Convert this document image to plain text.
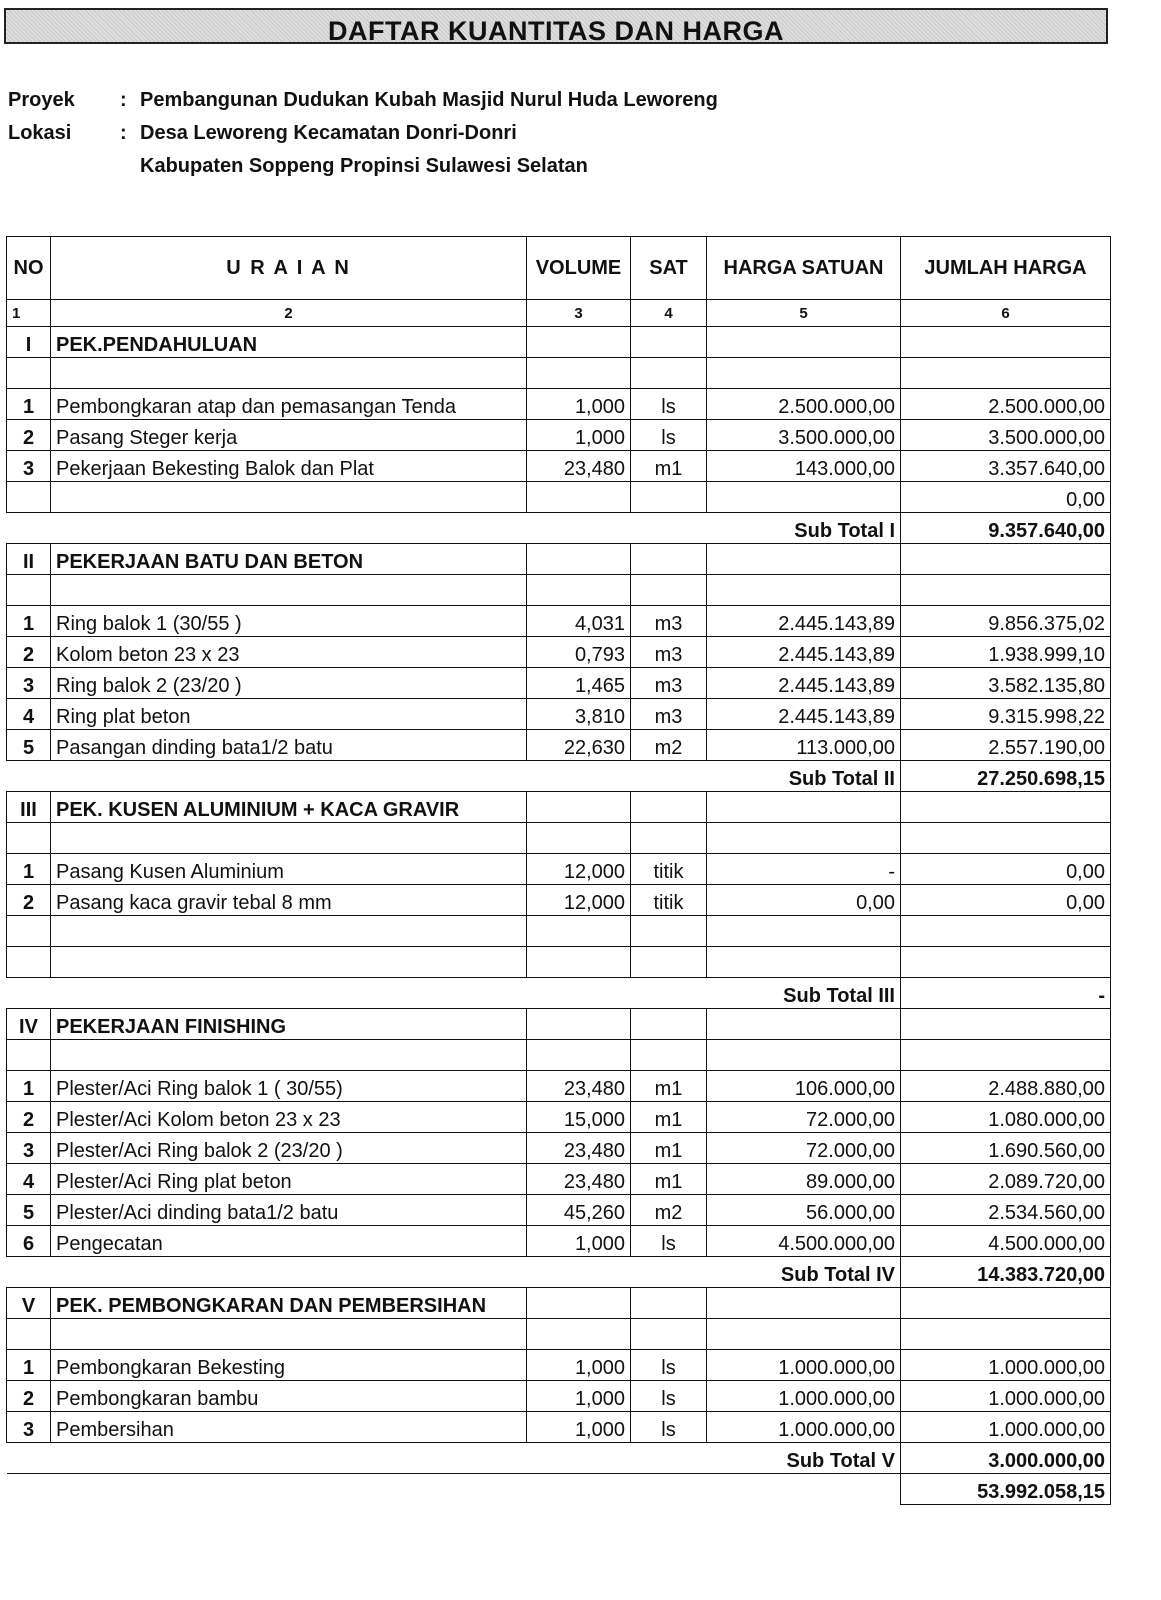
DAFTAR KUANTITAS DAN HARGA
Proyek	: Pembangunan Dudukan Kubah Masjid Nurul Huda Leworeng
Lokasi	: Desa Leworeng Kecamatan Donri-Donri
Kabupaten Soppeng Propinsi Sulawesi Selatan
NO	U R A I A N	VOLUME	SAT	HARGA SATUAN	JUMLAH HARGA
1	2	3	4	5	6
I	PEK.PENDAHULUAN				

1	Pembongkaran atap dan pemasangan Tenda	1,000	ls	2.500.000,00	2.500.000,00
2	Pasang Steger kerja	1,000	ls	3.500.000,00	3.500.000,00
3	Pekerjaan Bekesting Balok dan Plat	23,480	m1	143.000,00	3.357.640,00
					0,00
Sub Total I					9.357.640,00
II	PEKERJAAN BATU DAN BETON				

1	Ring balok 1 (30/55 )	4,031	m3	2.445.143,89	9.856.375,02
2	Kolom beton 23 x 23	0,793	m3	2.445.143,89	1.938.999,10
3	Ring balok 2 (23/20 )	1,465	m3	2.445.143,89	3.582.135,80
4	Ring plat beton	3,810	m3	2.445.143,89	9.315.998,22
5	Pasangan dinding bata1/2 batu	22,630	m2	113.000,00	2.557.190,00
Sub Total II					27.250.698,15
III	PEK. KUSEN ALUMINIUM + KACA GRAVIR				

1	Pasang Kusen Aluminium	12,000	titik	-	0,00
2	Pasang kaca gravir tebal 8 mm	12,000	titik	0,00	0,00

Sub Total III					-
IV	PEKERJAAN FINISHING				

1	Plester/Aci Ring balok 1 ( 30/55)	23,480	m1	106.000,00	2.488.880,00
2	Plester/Aci Kolom beton 23 x 23	15,000	m1	72.000,00	1.080.000,00
3	Plester/Aci Ring balok 2 (23/20 )	23,480	m1	72.000,00	1.690.560,00
4	Plester/Aci Ring plat beton	23,480	m1	89.000,00	2.089.720,00
5	Plester/Aci dinding bata1/2 batu	45,260	m2	56.000,00	2.534.560,00
6	Pengecatan	1,000	ls	4.500.000,00	4.500.000,00
Sub Total IV					14.383.720,00
V	PEK. PEMBONGKARAN DAN PEMBERSIHAN				

1	Pembongkaran Bekesting	1,000	ls	1.000.000,00	1.000.000,00
2	Pembongkaran bambu	1,000	ls	1.000.000,00	1.000.000,00
3	Pembersihan	1,000	ls	1.000.000,00	1.000.000,00
Sub Total V					3.000.000,00
					53.992.058,15
